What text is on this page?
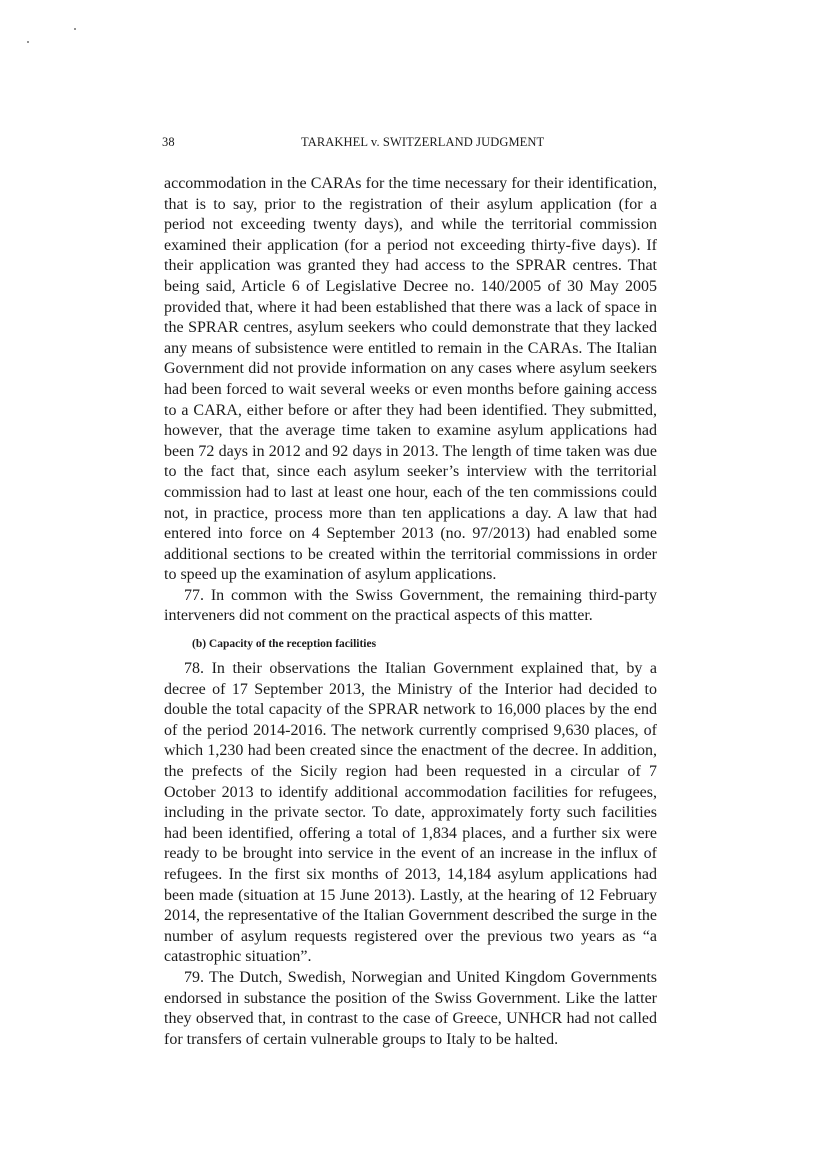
38	TARAKHEL v. SWITZERLAND JUDGMENT

accommodation in the CARAs for the time necessary for their identification, that is to say, prior to the registration of their asylum application (for a period not exceeding twenty days), and while the territorial commission examined their application (for a period not exceeding thirty-five days). If their application was granted they had access to the SPRAR centres. That being said, Article 6 of Legislative Decree no. 140/2005 of 30 May 2005 provided that, where it had been established that there was a lack of space in the SPRAR centres, asylum seekers who could demonstrate that they lacked any means of subsistence were entitled to remain in the CARAs. The Italian Government did not provide information on any cases where asylum seekers had been forced to wait several weeks or even months before gaining access to a CARA, either before or after they had been identified. They submitted, however, that the average time taken to examine asylum applications had been 72 days in 2012 and 92 days in 2013. The length of time taken was due to the fact that, since each asylum seeker’s interview with the territorial commission had to last at least one hour, each of the ten commissions could not, in practice, process more than ten applications a day. A law that had entered into force on 4 September 2013 (no. 97/2013) had enabled some additional sections to be created within the territorial commissions in order to speed up the examination of asylum applications.

77. In common with the Swiss Government, the remaining third-party interveners did not comment on the practical aspects of this matter.

(b) Capacity of the reception facilities

78. In their observations the Italian Government explained that, by a decree of 17 September 2013, the Ministry of the Interior had decided to double the total capacity of the SPRAR network to 16,000 places by the end of the period 2014-2016. The network currently comprised 9,630 places, of which 1,230 had been created since the enactment of the decree. In addition, the prefects of the Sicily region had been requested in a circular of 7 October 2013 to identify additional accommodation facilities for refugees, including in the private sector. To date, approximately forty such facilities had been identified, offering a total of 1,834 places, and a further six were ready to be brought into service in the event of an increase in the influx of refugees. In the first six months of 2013, 14,184 asylum applications had been made (situation at 15 June 2013). Lastly, at the hearing of 12 February 2014, the representative of the Italian Government described the surge in the number of asylum requests registered over the previous two years as “a catastrophic situation”.

79. The Dutch, Swedish, Norwegian and United Kingdom Governments endorsed in substance the position of the Swiss Government. Like the latter they observed that, in contrast to the case of Greece, UNHCR had not called for transfers of certain vulnerable groups to Italy to be halted.
